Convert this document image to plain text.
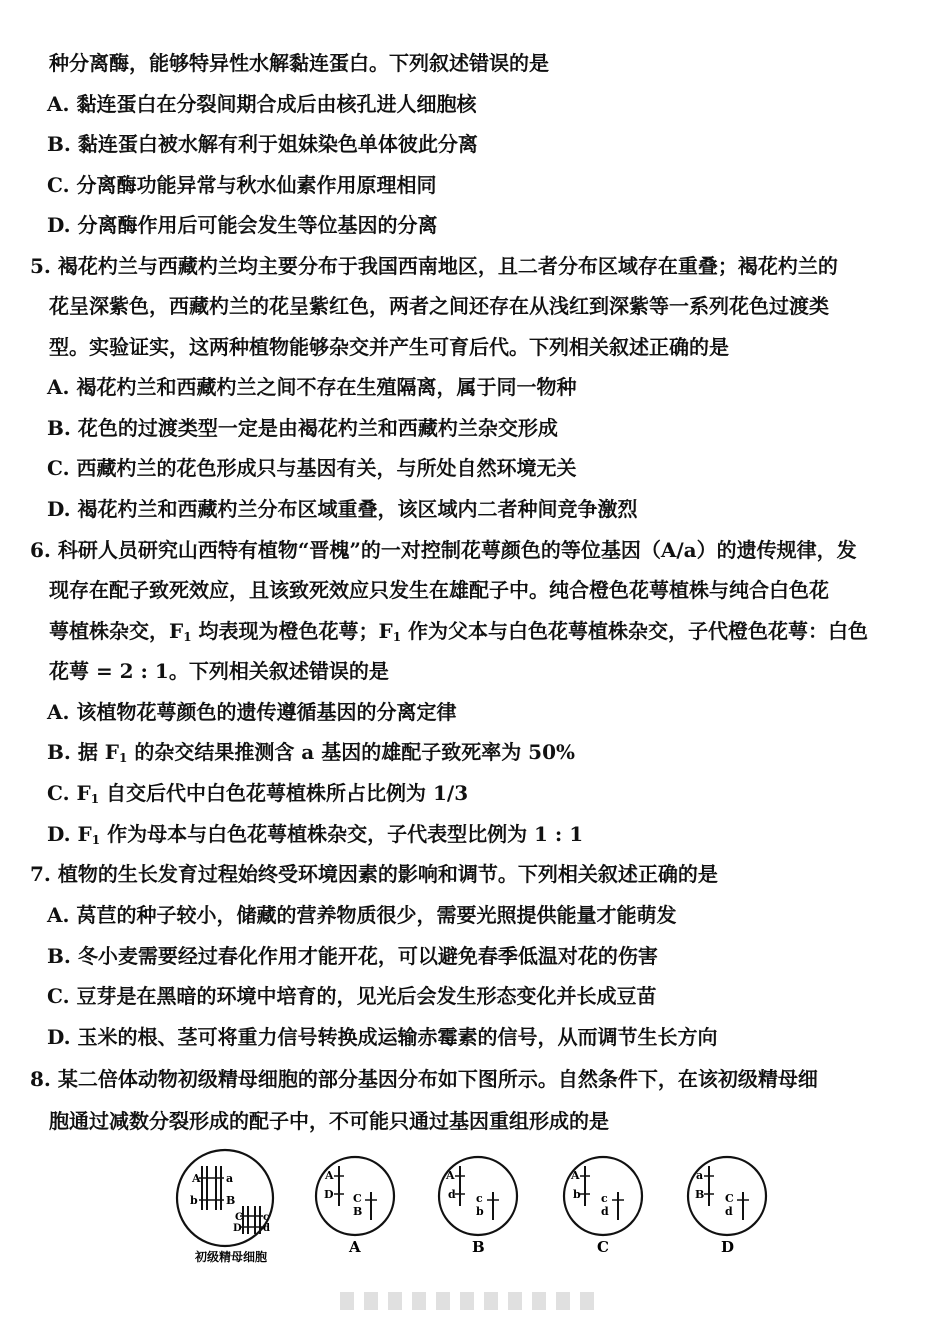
种分离酶，能够特异性水解黏连蛋白。下列叙述错误的是
A. 黏连蛋白在分裂间期合成后由核孔进人细胞核
B. 黏连蛋白被水解有利于姐妹染色单体彼此分离
C. 分离酶功能异常与秋水仙素作用原理相同
D. 分离酶作用后可能会发生等位基因的分离
5. 褐花杓兰与西藏杓兰均主要分布于我国西南地区，且二者分布区域存在重叠；褐花杓兰的
花呈深紫色，西藏杓兰的花呈紫红色，两者之间还存在从浅红到深紫等一系列花色过渡类
型。实验证实，这两种植物能够杂交并产生可育后代。下列相关叙述正确的是
A. 褐花杓兰和西藏杓兰之间不存在生殖隔离，属于同一物种
B. 花色的过渡类型一定是由褐花杓兰和西藏杓兰杂交形成
C. 西藏杓兰的花色形成只与基因有关，与所处自然环境无关
D. 褐花杓兰和西藏杓兰分布区域重叠，该区域内二者种间竞争激烈
6. 科研人员研究山西特有植物“晋槐”的一对控制花萼颜色的等位基因（A/a）的遗传规律，发
现存在配子致死效应，且该致死效应只发生在雄配子中。纯合橙色花萼植株与纯合白色花
萼植株杂交，$F_1$ 均表现为橙色花萼；$F_1$ 作为父本与白色花萼植株杂交，子代橙色花萼：白色
花萼 = 2 : 1。下列相关叙述错误的是
A. 该植物花萼颜色的遗传遵循基因的分离定律
B. 据 $F_1$ 的杂交结果推测含 a 基因的雄配子致死率为 50%
C. $F_1$ 自交后代中白色花萼植株所占比例为 1/3
D. $F_1$ 作为母本与白色花萼植株杂交，子代表型比例为 1 : 1
7. 植物的生长发育过程始终受环境因素的影响和调节。下列相关叙述正确的是
A. 莴苣的种子较小，储藏的营养物质很少，需要光照提供能量才能萌发
B. 冬小麦需要经过春化作用才能开花，可以避免春季低温对花的伤害
C. 豆芽是在黑暗的环境中培育的，见光后会发生形态变化并长成豆苗
D. 玉米的根、茎可将重力信号转换成运输赤霉素的信号，从而调节生长方向
8. 某二倍体动物初级精母细胞的部分基因分布如下图所示。自然条件下，在该初级精母细
胞通过减数分裂形成的配子中，不可能只通过基因重组形成的是
A a
b	B
C c
D d
A
D C
B
A
d c
b
A
b c
d
a
B C
d
初级精母细胞
A	B	C	D
